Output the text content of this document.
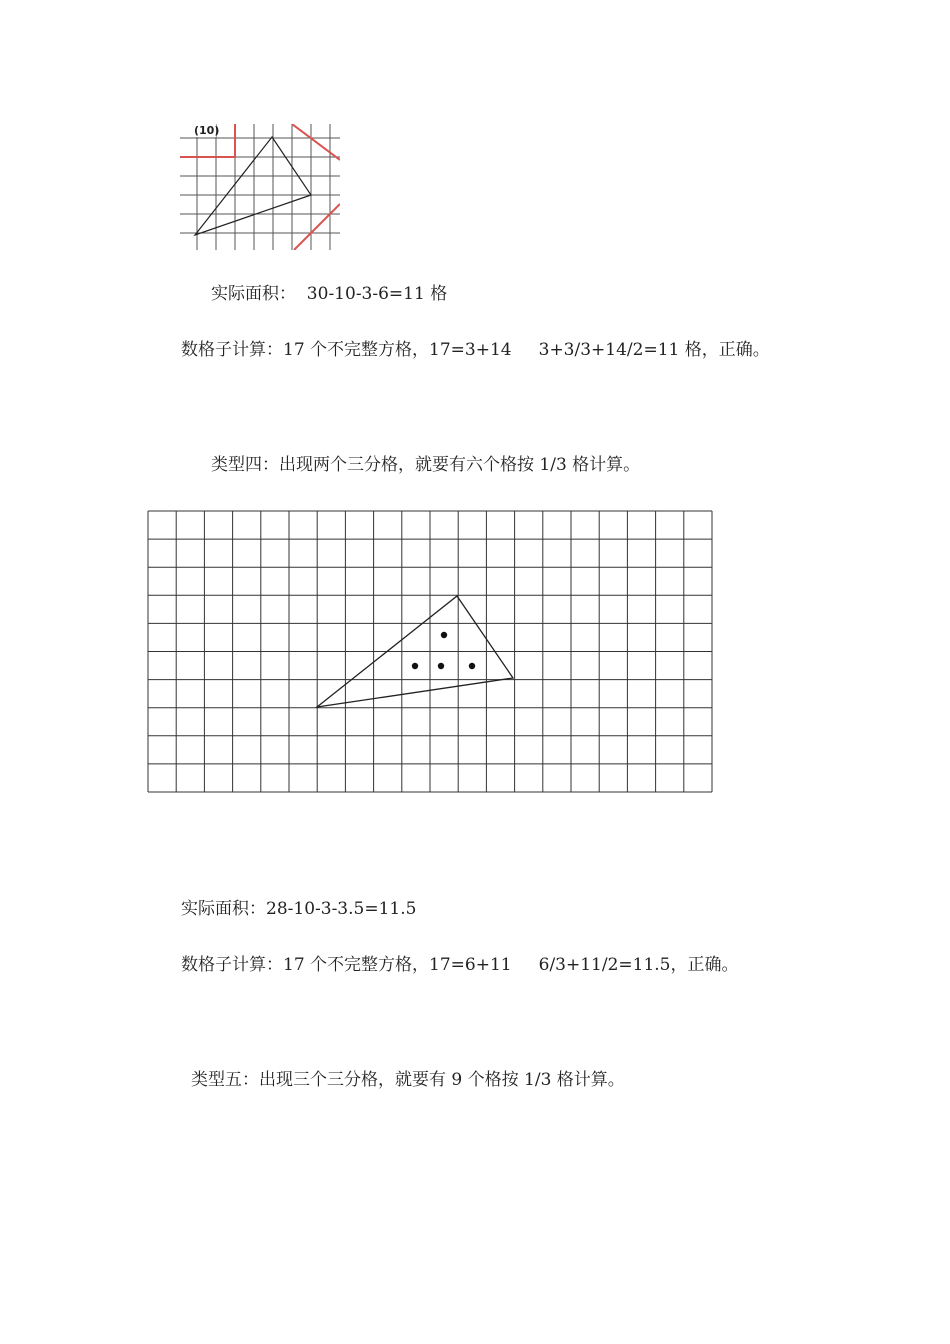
(10)
实际面积：  30-10-3-6=11 格
数格子计算：17 个不完整方格，17=3+14     3+3/3+14/2=11 格，正确。
类型四：出现两个三分格，就要有六个格按 1/3 格计算。
实际面积：28-10-3-3.5=11.5
数格子计算：17 个不完整方格，17=6+11     6/3+11/2=11.5，正确。
类型五：出现三个三分格，就要有 9 个格按 1/3 格计算。
